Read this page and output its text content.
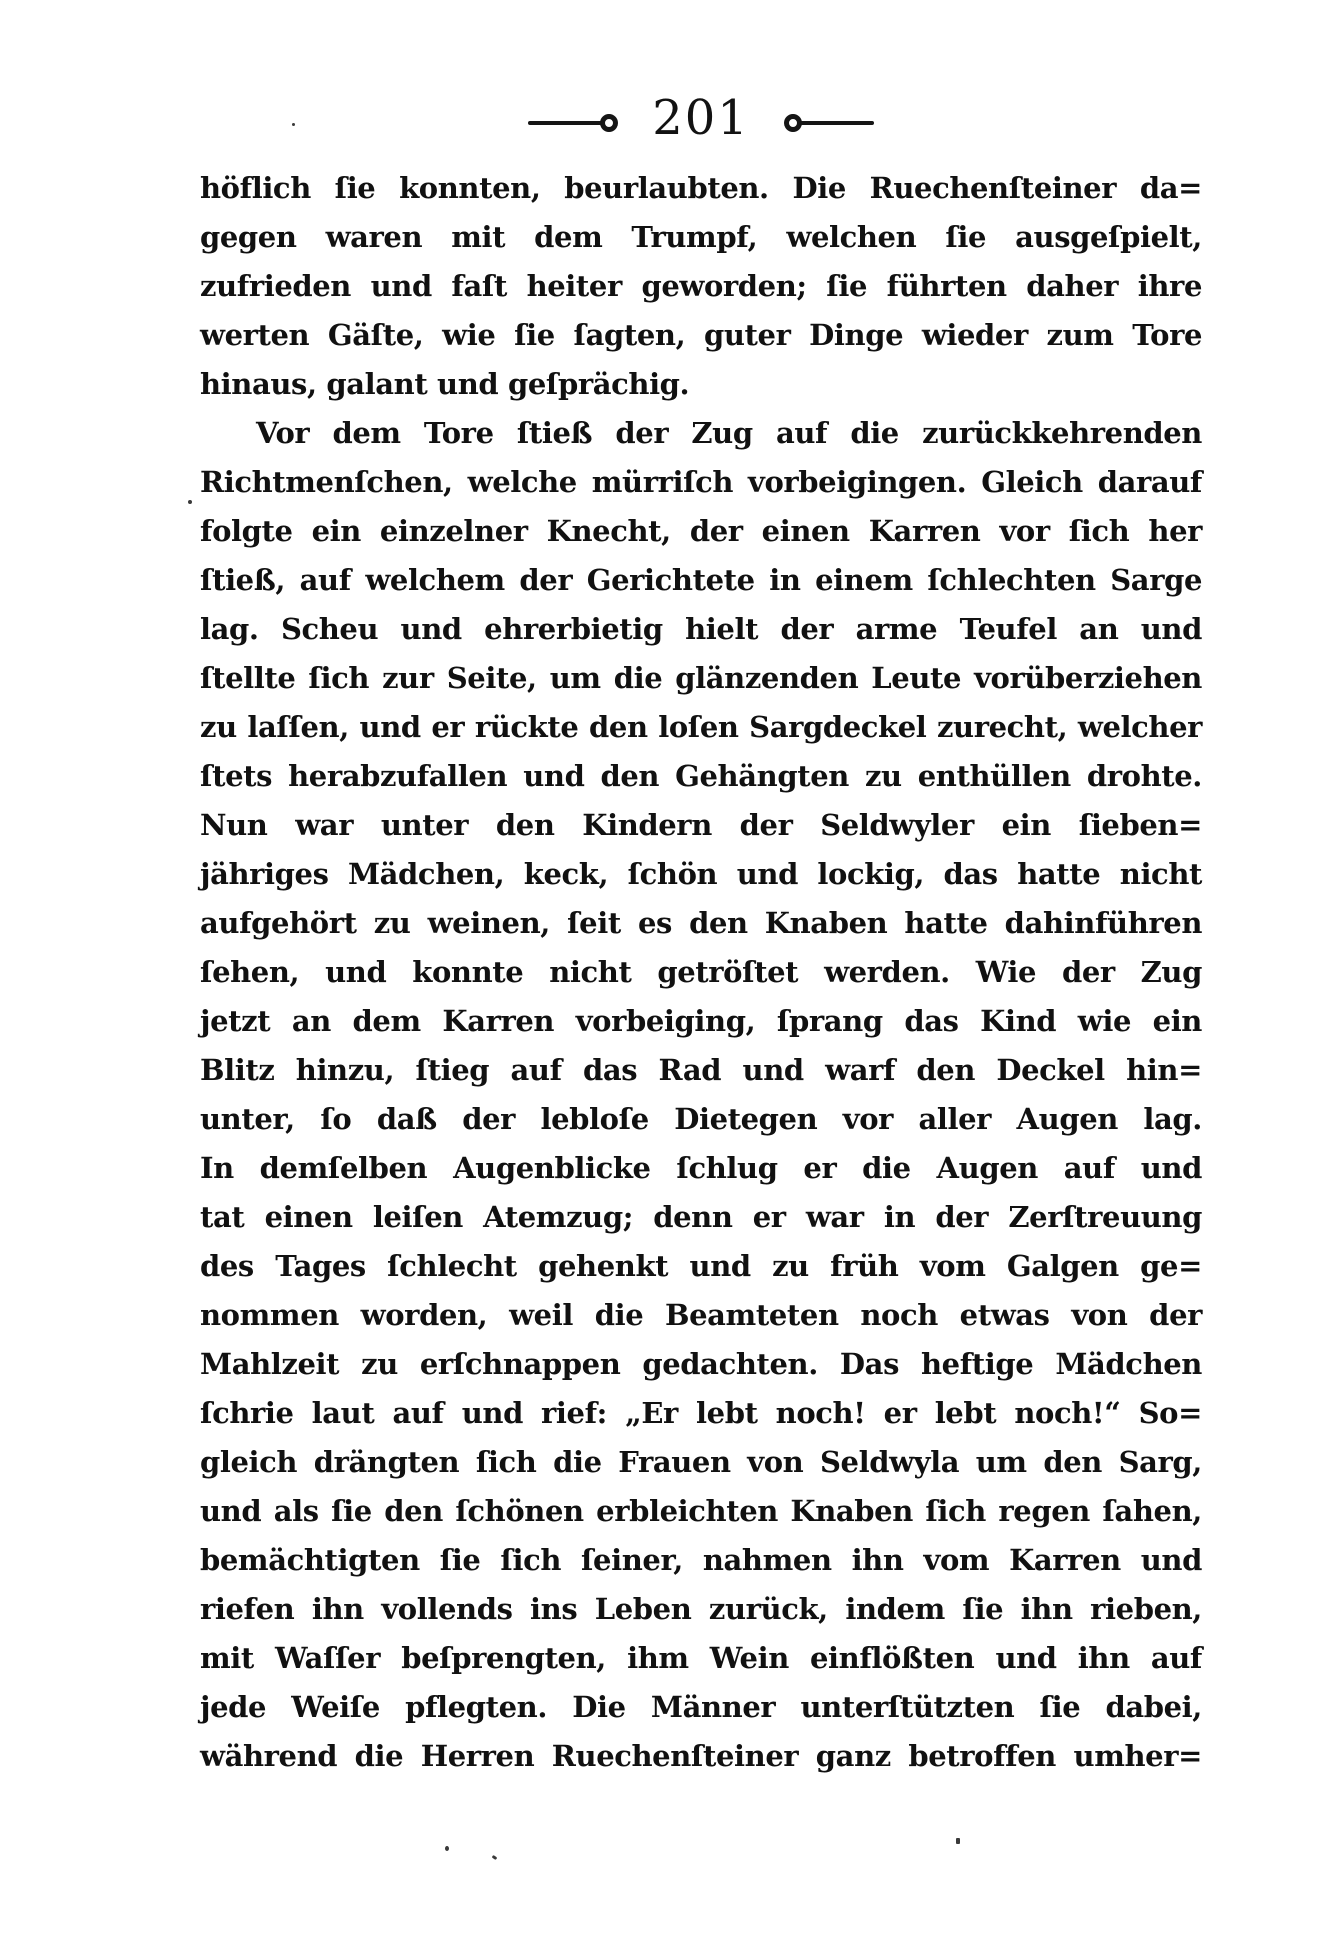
201
höflich ſie konnten, beurlaubten. Die Ruechenſteiner da=
gegen waren mit dem Trumpf, welchen ſie ausgeſpielt,
zufrieden und faſt heiter geworden; ſie führten daher ihre
werten Gäſte, wie ſie ſagten, guter Dinge wieder zum Tore
hinaus, galant und geſprächig.
Vor dem Tore ſtieß der Zug auf die zurückkehrenden
Richtmenſchen, welche mürriſch vorbeigingen. Gleich darauf
folgte ein einzelner Knecht, der einen Karren vor ſich her
ſtieß, auf welchem der Gerichtete in einem ſchlechten Sarge
lag. Scheu und ehrerbietig hielt der arme Teufel an und
ſtellte ſich zur Seite, um die glänzenden Leute vorüberziehen
zu laſſen, und er rückte den loſen Sargdeckel zurecht, welcher
ſtets herabzufallen und den Gehängten zu enthüllen drohte.
Nun war unter den Kindern der Seldwyler ein ſieben=
jähriges Mädchen, keck, ſchön und lockig, das hatte nicht
aufgehört zu weinen, ſeit es den Knaben hatte dahinführen
ſehen, und konnte nicht getröſtet werden. Wie der Zug
jetzt an dem Karren vorbeiging, ſprang das Kind wie ein
Blitz hinzu, ſtieg auf das Rad und warf den Deckel hin=
unter, ſo daß der lebloſe Dietegen vor aller Augen lag.
In demſelben Augenblicke ſchlug er die Augen auf und
tat einen leiſen Atemzug; denn er war in der Zerſtreuung
des Tages ſchlecht gehenkt und zu früh vom Galgen ge=
nommen worden, weil die Beamteten noch etwas von der
Mahlzeit zu erſchnappen gedachten. Das heftige Mädchen
ſchrie laut auf und rief: „Er lebt noch! er lebt noch!“ So=
gleich drängten ſich die Frauen von Seldwyla um den Sarg,
und als ſie den ſchönen erbleichten Knaben ſich regen ſahen,
bemächtigten ſie ſich ſeiner, nahmen ihn vom Karren und
riefen ihn vollends ins Leben zurück, indem ſie ihn rieben,
mit Waſſer beſprengten, ihm Wein einflößten und ihn auf
jede Weiſe pflegten. Die Männer unterſtützten ſie dabei,
während die Herren Ruechenſteiner ganz betroffen umher=
